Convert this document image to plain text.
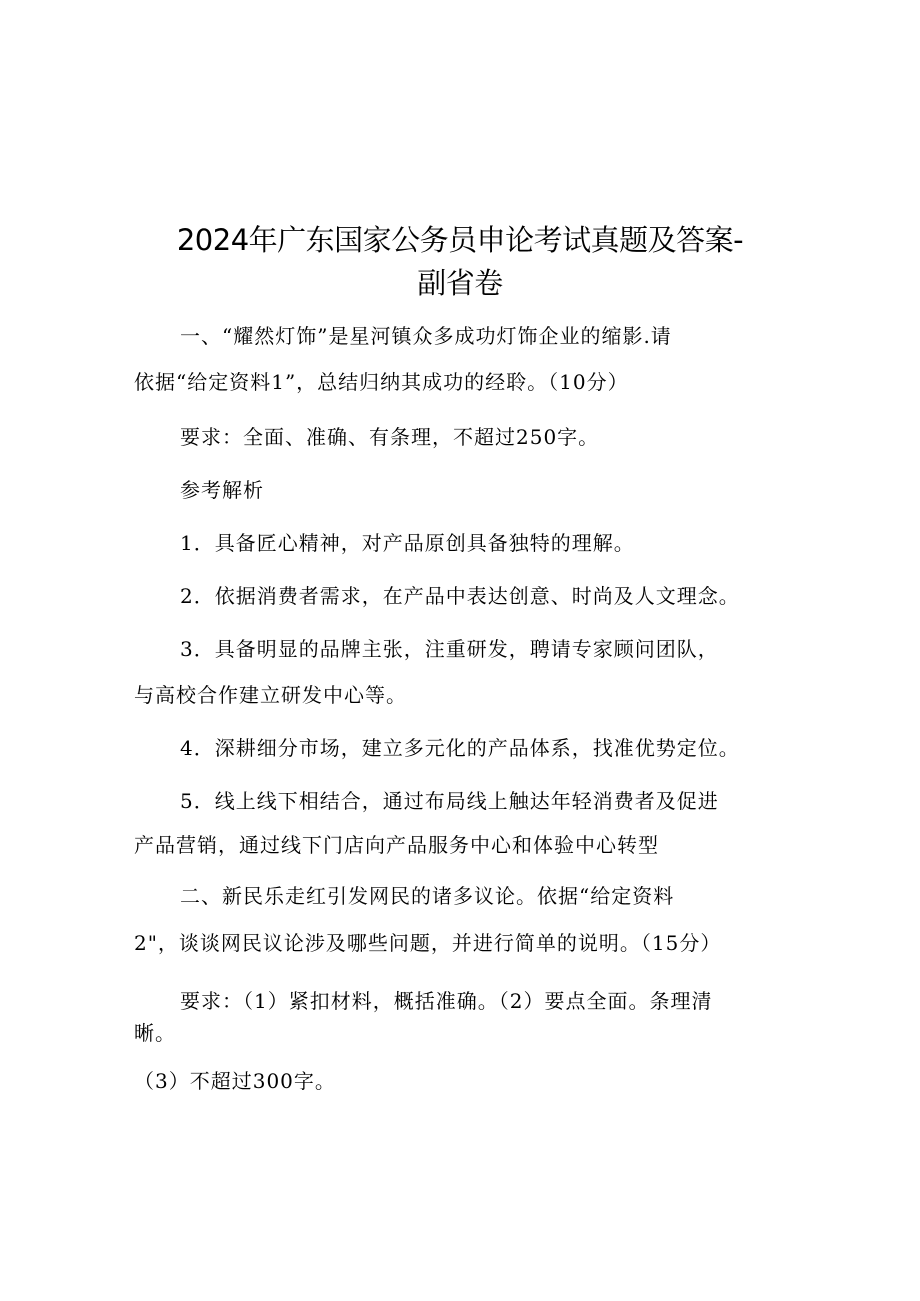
2024年广东国家公务员申论考试真题及答案-
副省卷
一、“耀然灯饰”是星河镇众多成功灯饰企业的缩影.请
依据“给定资料1”，总结归纳其成功的经聆。（10分）
要求：全面、准确、有条理，不超过250字。
参考解析
1．具备匠心精神，对产品原创具备独特的理解。
2．依据消费者需求，在产品中表达创意、时尚及人文理念。
3．具备明显的品牌主张，注重研发，聘请专家顾问团队，
与高校合作建立研发中心等。
4．深耕细分市场，建立多元化的产品体系，找准优势定位。
5．线上线下相结合，通过布局线上触达年轻消费者及促进
产品营销，通过线下门店向产品服务中心和体验中心转型
二、新民乐走红引发网民的诸多议论。依据“给定资料
2"，谈谈网民议论涉及哪些问题，并进行简单的说明。（15分）
要求：（1）紧扣材料，概括准确。（2）要点全面。条理清
晰。
（3）不超过300字。
